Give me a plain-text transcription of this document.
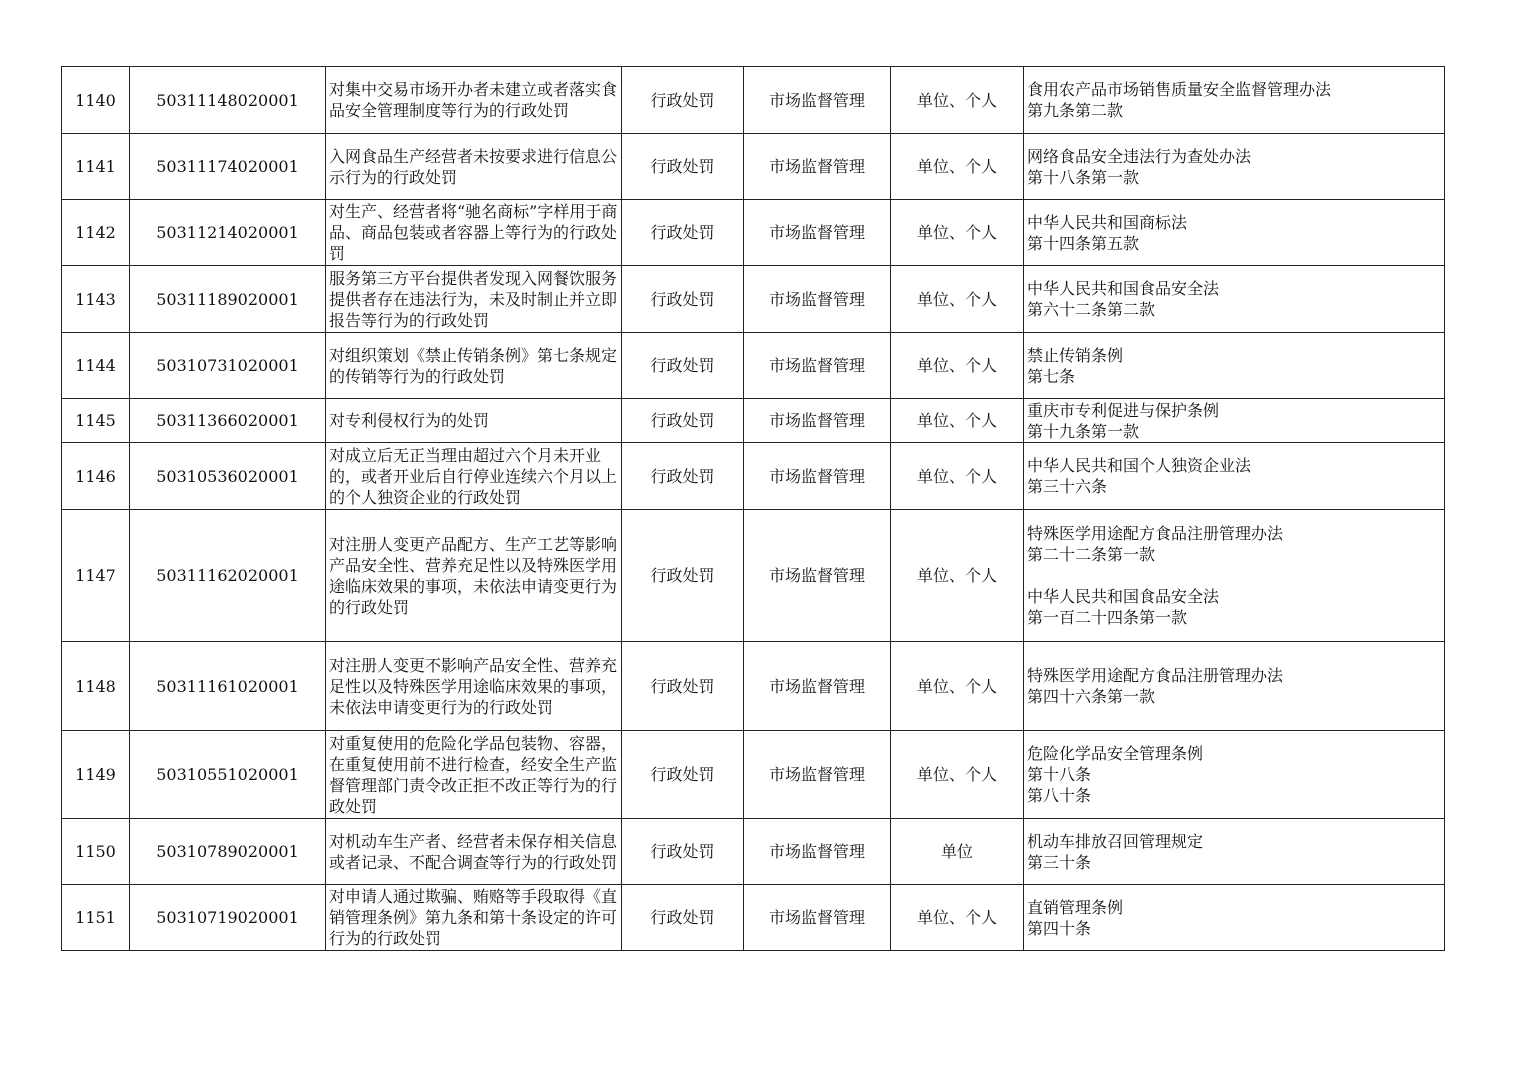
1140	50311148020001	对集中交易市场开办者未建立或者落实食品安全管理制度等行为的行政处罚	行政处罚	市场监督管理	单位、个人	食用农产品市场销售质量安全监督管理办法
第九条第二款

1141	50311174020001	入网食品生产经营者未按要求进行信息公示行为的行政处罚	行政处罚	市场监督管理	单位、个人	网络食品安全违法行为查处办法
第十八条第一款

1142	50311214020001	对生产、经营者将“驰名商标”字样用于商品、商品包装或者容器上等行为的行政处罚	行政处罚	市场监督管理	单位、个人	中华人民共和国商标法
第十四条第五款

1143	50311189020001	服务第三方平台提供者发现入网餐饮服务提供者存在违法行为，未及时制止并立即报告等行为的行政处罚	行政处罚	市场监督管理	单位、个人	中华人民共和国食品安全法
第六十二条第二款

1144	50310731020001	对组织策划《禁止传销条例》第七条规定的传销等行为的行政处罚	行政处罚	市场监督管理	单位、个人	禁止传销条例
第七条

1145	50311366020001	对专利侵权行为的处罚	行政处罚	市场监督管理	单位、个人	重庆市专利促进与保护条例
第十九条第一款

1146	50310536020001	对成立后无正当理由超过六个月未开业的，或者开业后自行停业连续六个月以上的个人独资企业的行政处罚	行政处罚	市场监督管理	单位、个人	中华人民共和国个人独资企业法
第三十六条

1147	50311162020001	对注册人变更产品配方、生产工艺等影响产品安全性、营养充足性以及特殊医学用途临床效果的事项，未依法申请变更行为的行政处罚	行政处罚	市场监督管理	单位、个人	特殊医学用途配方食品注册管理办法
第二十二条第一款
中华人民共和国食品安全法
第一百二十四条第一款

1148	50311161020001	对注册人变更不影响产品安全性、营养充足性以及特殊医学用途临床效果的事项，未依法申请变更行为的行政处罚	行政处罚	市场监督管理	单位、个人	特殊医学用途配方食品注册管理办法
第四十六条第一款

1149	50310551020001	对重复使用的危险化学品包装物、容器，在重复使用前不进行检查，经安全生产监督管理部门责令改正拒不改正等行为的行政处罚	行政处罚	市场监督管理	单位、个人	危险化学品安全管理条例
第十八条
第八十条

1150	50310789020001	对机动车生产者、经营者未保存相关信息或者记录、不配合调查等行为的行政处罚	行政处罚	市场监督管理	单位	机动车排放召回管理规定
第三十条

1151	50310719020001	对申请人通过欺骗、贿赂等手段取得《直销管理条例》第九条和第十条设定的许可行为的行政处罚	行政处罚	市场监督管理	单位、个人	直销管理条例
第四十条
